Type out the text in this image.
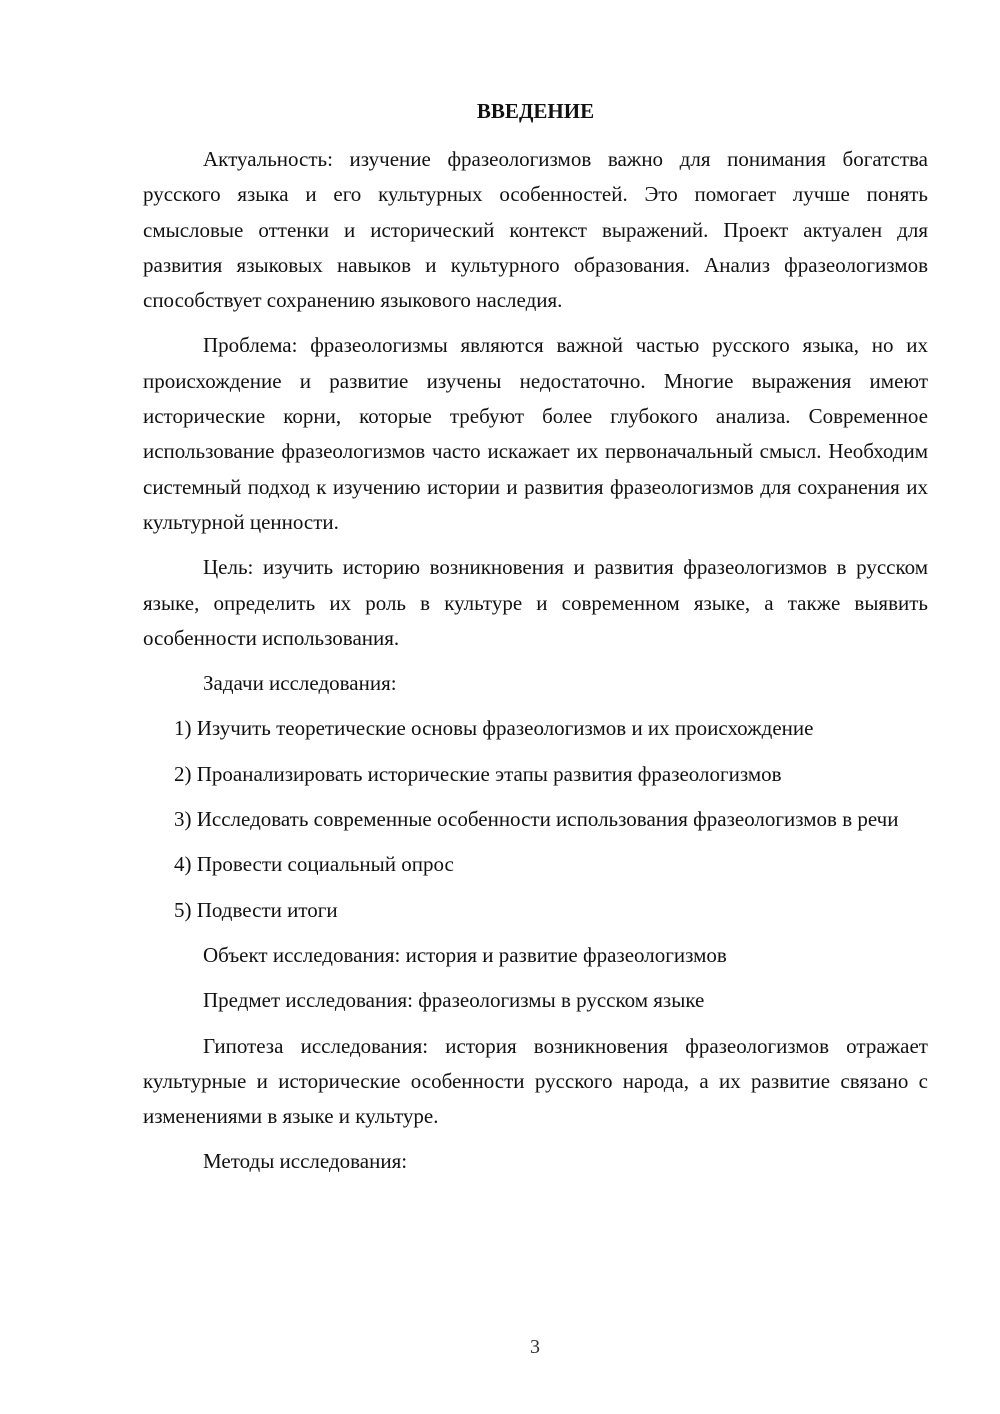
ВВЕДЕНИЕ

Актуальность: изучение фразеологизмов важно для понимания богатства русского языка и его культурных особенностей. Это помогает лучше понять смысловые оттенки и исторический контекст выражений. Проект актуален для развития языковых навыков и культурного образования. Анализ фразеологизмов способствует сохранению языкового наследия.

Проблема: фразеологизмы являются важной частью русского языка, но их происхождение и развитие изучены недостаточно. Многие выражения имеют исторические корни, которые требуют более глубокого анализа. Современное использование фразеологизмов часто искажает их первоначальный смысл. Необходим системный подход к изучению истории и развития фразеологизмов для сохранения их культурной ценности.

Цель: изучить историю возникновения и развития фразеологизмов в русском языке, определить их роль в культуре и современном языке, а также выявить особенности использования.

Задачи исследования:

1) Изучить теоретические основы фразеологизмов и их происхождение

2) Проанализировать исторические этапы развития фразеологизмов

3) Исследовать современные особенности использования фразеологизмов в речи

4) Провести социальный опрос

5) Подвести итоги

Объект исследования: история и развитие фразеологизмов

Предмет исследования: фразеологизмы в русском языке

Гипотеза исследования: история возникновения фразеологизмов отражает культурные и исторические особенности русского народа, а их развитие связано с изменениями в языке и культуре.

Методы исследования:

3
